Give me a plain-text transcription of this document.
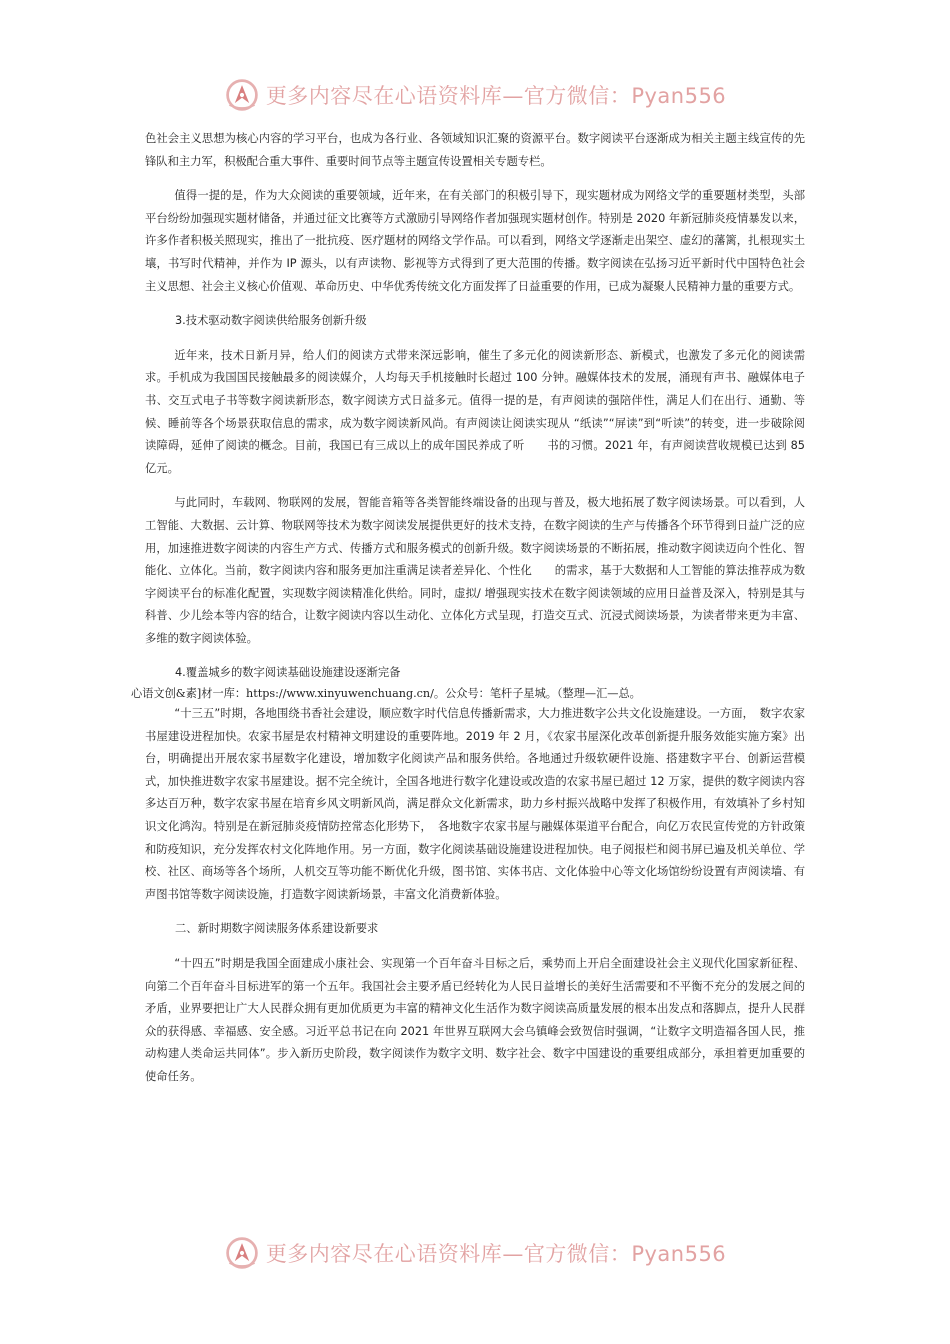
更多内容尽在心语资料库—官方微信：Pyan556

色社会主义思想为核心内容的学习平台，也成为各行业、各领域知识汇聚的资源平台。数字阅读平台逐渐成为相关主题主线宣传的先锋队和主力军，积极配合重大事件、重要时间节点等主题宣传设置相关专题专栏。

值得一提的是，作为大众阅读的重要领域，近年来，在有关部门的积极引导下，现实题材成为网络文学的重要题材类型，头部平台纷纷加强现实题材储备，并通过征文比赛等方式激励引导网络作者加强现实题材创作。特别是 2020 年新冠肺炎疫情暴发以来，许多作者积极关照现实，推出了一批抗疫、医疗题材的网络文学作品。可以看到，网络文学逐渐走出架空、虚幻的藩篱，扎根现实土壤，书写时代精神，并作为 IP 源头，以有声读物、影视等方式得到了更大范围的传播。数字阅读在弘扬习近平新时代中国特色社会主义思想、社会主义核心价值观、革命历史、中华优秀传统文化方面发挥了日益重要的作用，已成为凝聚人民精神力量的重要方式。

3.技术驱动数字阅读供给服务创新升级

近年来，技术日新月异，给人们的阅读方式带来深远影响，催生了多元化的阅读新形态、新模式，也激发了多元化的阅读需求。手机成为我国国民接触最多的阅读媒介，人均每天手机接触时长超过 100 分钟。融媒体技术的发展，涌现有声书、融媒体电子书、交互式电子书等数字阅读新形态，数字阅读方式日益多元。值得一提的是，有声阅读的强陪伴性，满足人们在出行、通勤、等候、睡前等各个场景获取信息的需求，成为数字阅读新风尚。有声阅读让阅读实现从 “纸读”“屏读”到“听读”的转变，进一步破除阅读障碍，延伸了阅读的概念。目前，我国已有三成以上的成年国民养成了听　　书的习惯。2021 年，有声阅读营收规模已达到 85 亿元。

与此同时，车载网、物联网的发展，智能音箱等各类智能终端设备的出现与普及，极大地拓展了数字阅读场景。可以看到，人工智能、大数据、云计算、物联网等技术为数字阅读发展提供更好的技术支持，在数字阅读的生产与传播各个环节得到日益广泛的应用，加速推进数字阅读的内容生产方式、传播方式和服务模式的创新升级。数字阅读场景的不断拓展，推动数字阅读迈向个性化、智能化、立体化。当前，数字阅读内容和服务更加注重满足读者差异化、个性化　　的需求，基于大数据和人工智能的算法推荐成为数字阅读平台的标准化配置，实现数字阅读精准化供给。同时，虚拟/ 增强现实技术在数字阅读领域的应用日益普及深入，特别是其与科普、少儿绘本等内容的结合，让数字阅读内容以生动化、立体化方式呈现，打造交互式、沉浸式阅读场景，为读者带来更为丰富、多维的数字阅读体验。

4.覆盖城乡的数字阅读基础设施建设逐渐完备

心语文创&素]材一库：https://www.xinyuwenchuang.cn/。公众号：笔杆子星城。（整理—汇—总。

“十三五”时期，各地围绕书香社会建设，顺应数字时代信息传播新需求，大力推进数字公共文化设施建设。一方面，　数字农家书屋建设进程加快。农家书屋是农村精神文明建设的重要阵地。2019 年 2 月，《农家书屋深化改革创新提升服务效能实施方案》出台，明确提出开展农家书屋数字化建设，增加数字化阅读产品和服务供给。各地通过升级软硬件设施、搭建数字平台、创新运营模式，加快推进数字农家书屋建设。据不完全统计，全国各地进行数字化建设或改造的农家书屋已超过 12 万家，提供的数字阅读内容多达百万种，数字农家书屋在培育乡风文明新风尚，满足群众文化新需求，助力乡村振兴战略中发挥了积极作用，有效填补了乡村知识文化鸿沟。特别是在新冠肺炎疫情防控常态化形势下，　各地数字农家书屋与融媒体渠道平台配合，向亿万农民宣传党的方针政策和防疫知识，充分发挥农村文化阵地作用。另一方面，数字化阅读基础设施建设进程加快。电子阅报栏和阅书屏已遍及机关单位、学校、社区、商场等各个场所，人机交互等功能不断优化升级，图书馆、实体书店、文化体验中心等文化场馆纷纷设置有声阅读墙、有声图书馆等数字阅读设施，打造数字阅读新场景，丰富文化消费新体验。

二、新时期数字阅读服务体系建设新要求

“十四五”时期是我国全面建成小康社会、实现第一个百年奋斗目标之后，乘势而上开启全面建设社会主义现代化国家新征程、向第二个百年奋斗目标进军的第一个五年。我国社会主要矛盾已经转化为人民日益增长的美好生活需要和不平衡不充分的发展之间的矛盾，业界要把让广大人民群众拥有更加优质更为丰富的精神文化生活作为数字阅读高质量发展的根本出发点和落脚点，提升人民群众的获得感、幸福感、安全感。习近平总书记在向 2021 年世界互联网大会乌镇峰会致贺信时强调，“让数字文明造福各国人民，推动构建人类命运共同体”。步入新历史阶段，数字阅读作为数字文明、数字社会、数字中国建设的重要组成部分，承担着更加重要的使命任务。

更多内容尽在心语资料库—官方微信：Pyan556
